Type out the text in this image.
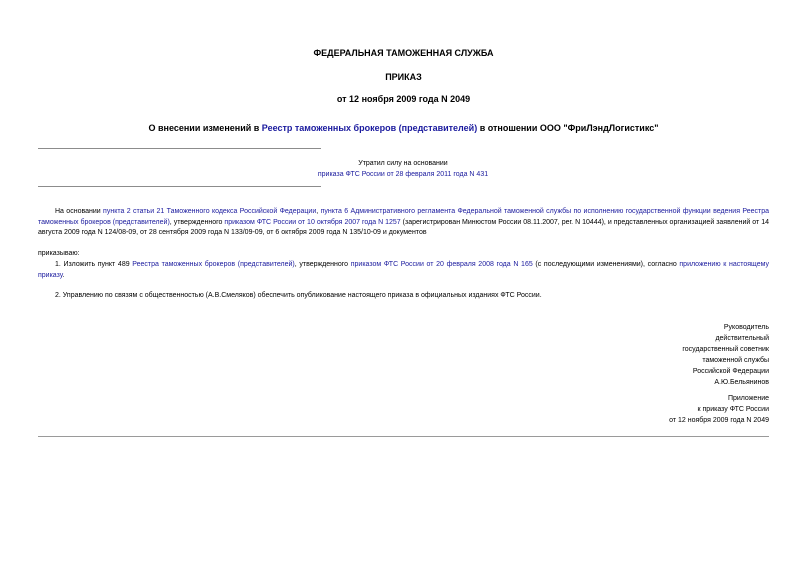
ФЕДЕРАЛЬНАЯ ТАМОЖЕННАЯ СЛУЖБА
ПРИКАЗ
от 12 ноября 2009 года N 2049
О внесении изменений в Реестр таможенных брокеров (представителей) в отношении ООО "ФриЛэндЛогистикс"
Утратил силу на основании
приказа ФТС России от 28 февраля 2011 года N 431
На основании пункта 2 статьи 21 Таможенного кодекса Российской Федерации, пункта 6 Административного регламента Федеральной таможенной службы по исполнению государственной функции ведения Реестра таможенных брокеров (представителей), утвержденного приказом ФТС России от 10 октября 2007 года N 1257 (зарегистрирован Минюстом России 08.11.2007, рег. N 10444), и представленных организацией заявлений от 14 августа 2009 года N 124/08-09, от 28 сентября 2009 года N 133/09-09, от 6 октября 2009 года N 135/10-09 и документов
приказываю:
1. Изложить пункт 489 Реестра таможенных брокеров (представителей), утвержденного приказом ФТС России от 20 февраля 2008 года N 165 (с последующими изменениями), согласно приложению к настоящему приказу.
2. Управлению по связям с общественностью (А.В.Смеляков) обеспечить опубликование настоящего приказа в официальных изданиях ФТС России.
Руководитель
действительный
государственный советник
таможенной службы
Российской Федерации
А.Ю.Бельянинов
Приложение
к приказу ФТС России
от 12 ноября 2009 года N 2049
